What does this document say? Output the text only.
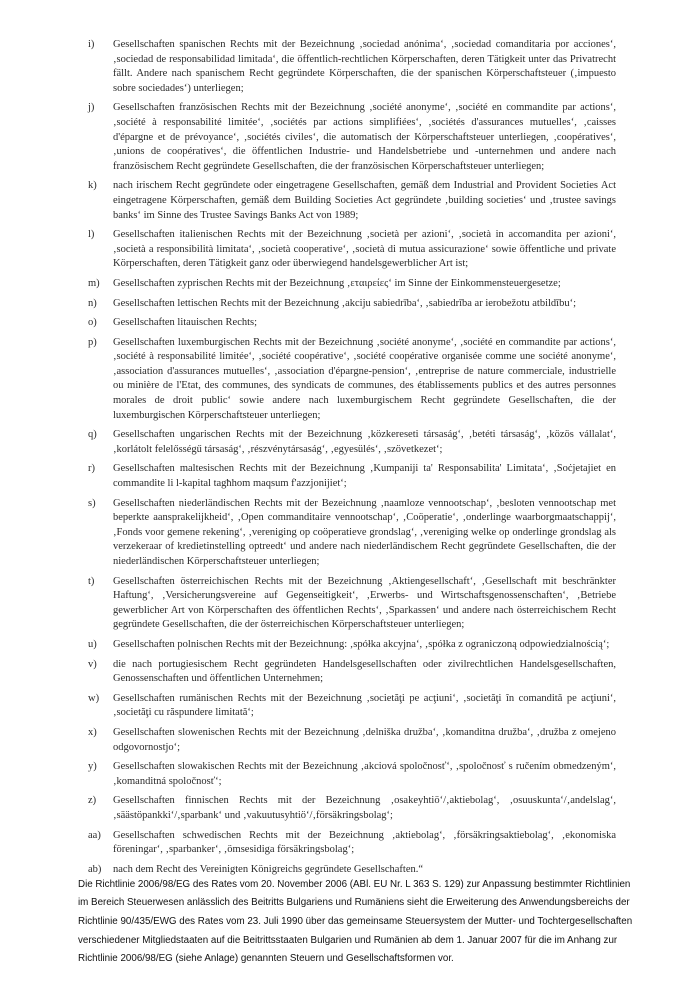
i)	Gesellschaften spanischen Rechts mit der Bezeichnung ‚sociedad anónima‘, ‚sociedad comanditaria por acciones‘, ‚sociedad de responsabilidad limitada‘, die öffentlich-rechtlichen Körperschaften, deren Tätigkeit unter das Privatrecht fällt. Andere nach spanischem Recht gegründete Körperschaften, die der spanischen Körperschaftsteuer (‚impuesto sobre sociedades‘) unterliegen;
j)	Gesellschaften französischen Rechts mit der Bezeichnung ‚société anonyme‘, ‚société en commandite par actions‘, ‚société à responsabilité limitée‘, ‚sociétés par actions simplifiées‘, ‚sociétés d'assurances mutuelles‘, ‚caisses d'épargne et de prévoyance‘, ‚sociétés civiles‘, die automatisch der Körperschaftsteuer unterliegen, ‚coopératives‘, ‚unions de coopératives‘, die öffentlichen Industrie- und Handelsbetriebe und -unternehmen und andere nach französischem Recht gegründete Gesellschaften, die der französischen Körperschaftsteuer unterliegen;
k)	nach irischem Recht gegründete oder eingetragene Gesellschaften, gemäß dem Industrial and Provident Societies Act eingetragene Körperschaften, gemäß dem Building Societies Act gegründete ‚building societies‘ und ‚trustee savings banks‘ im Sinne des Trustee Savings Banks Act von 1989;
l)	Gesellschaften italienischen Rechts mit der Bezeichnung ‚società per azioni‘, ‚società in accomandita per azioni‘, ‚società a responsibilità limitata‘, ‚società cooperative‘, ‚società di mutua assicurazione‘ sowie öffentliche und private Körperschaften, deren Tätigkeit ganz oder überwiegend handelsgewerblicher Art ist;
m)	Gesellschaften zyprischen Rechts mit der Bezeichnung ‚εταιρείες‘ im Sinne der Einkommensteuergesetze;
n)	Gesellschaften lettischen Rechts mit der Bezeichnung ‚akciju sabiedrība‘, ‚sabiedrība ar ierobežotu atbildību‘;
o)	Gesellschaften litauischen Rechts;
p)	Gesellschaften luxemburgischen Rechts mit der Bezeichnung ‚société anonyme‘, ‚société en commandite par actions‘, ‚société à responsabilité limitée‘, ‚société coopérative‘, ‚société coopérative organisée comme une société anonyme‘, ‚association d'assurances mutuelles‘, ‚association d'épargne-pension‘, ‚entreprise de nature commerciale, industrielle ou minière de l'Etat, des communes, des syndicats de communes, des établissements publics et des autres personnes morales de droit public‘ sowie andere nach luxemburgischem Recht gegründete Gesellschaften, die der luxemburgischen Körperschaftsteuer unterliegen;
q)	Gesellschaften ungarischen Rechts mit der Bezeichnung ‚közkereseti társaság‘, ‚betéti társaság‘, ‚közös vállalat‘, ‚korlátolt felelősségű társaság‘, ‚részvénytársaság‘, ‚egyesülés‘, ‚szövetkezet‘;
r)	Gesellschaften maltesischen Rechts mit der Bezeichnung ‚Kumpaniji ta' Responsabilita' Limitata‘, ‚Soċjetajiet en commandite li l-kapital tagħhom maqsum f'azzjonijiet‘;
s)	Gesellschaften niederländischen Rechts mit der Bezeichnung ‚naamloze vennootschap‘, ‚besloten vennootschap met beperkte aansprakelijkheid‘, ‚Open commanditaire vennootschap‘, ‚Coöperatie‘, ‚onderlinge waarborgmaatschappij‘, ‚Fonds voor gemene rekening‘, ‚vereniging op coöperatieve grondslag‘, ‚vereniging welke op onderlinge grondslag als verzekeraar of kredietinstelling optreedt‘ und andere nach niederländischem Recht gegründete Gesellschaften, die der niederländischen Körperschaftsteuer unterliegen;
t)	Gesellschaften österreichischen Rechts mit der Bezeichnung ‚Aktiengesellschaft‘, ‚Gesellschaft mit beschränkter Haftung‘, ‚Versicherungsvereine auf Gegenseitigkeit‘, ‚Erwerbs- und Wirtschaftsgenossenschaften‘, ‚Betriebe gewerblicher Art von Körperschaften des öffentlichen Rechts‘, ‚Sparkassen‘ und andere nach österreichischem Recht gegründete Gesellschaften, die der österreichischen Körperschaftsteuer unterliegen;
u)	Gesellschaften polnischen Rechts mit der Bezeichnung: ‚spółka akcyjna‘, ‚spółka z ograniczoną odpowiedzialnością‘;
v)	die nach portugiesischem Recht gegründeten Handelsgesellschaften oder zivilrechtlichen Handelsgesellschaften, Genossenschaften und öffentlichen Unternehmen;
w)	Gesellschaften rumänischen Rechts mit der Bezeichnung ‚societăţi pe acţiuni‘, ‚societăţi în comandită pe acţiuni‘, ‚societăţi cu răspundere limitată‘;
x)	Gesellschaften slowenischen Rechts mit der Bezeichnung ‚delniška družba‘, ‚komanditna družba‘, ‚družba z omejeno odgovornostjo‘;
y)	Gesellschaften slowakischen Rechts mit der Bezeichnung ‚akciová spoločnosť‘, ‚spoločnosť s ručením obmedzeným‘, ‚komanditná spoločnosť‘;
z)	Gesellschaften finnischen Rechts mit der Bezeichnung ‚osakeyhtiö‘/‚aktiebolag‘, ‚osuuskunta‘/‚andelslag‘, ‚säästöpankki‘/‚sparbank‘ und ‚vakuutusyhtiö‘/‚försäkringsbolag‘;
aa)	Gesellschaften schwedischen Rechts mit der Bezeichnung ‚aktiebolag‘, ‚försäkringsaktiebolag‘, ‚ekonomiska föreningar‘, ‚sparbanker‘, ‚ömsesidiga försäkringsbolag‘;
ab)	nach dem Recht des Vereinigten Königreichs gegründete Gesellschaften.“

Die Richtlinie 2006/98/EG des Rates vom 20. November 2006 (ABl. EU Nr. L 363 S. 129) zur Anpassung bestimmter Richtlinien im Bereich Steuerwesen anlässlich des Beitritts Bulgariens und Rumäniens sieht die Erweiterung des Anwendungsbereichs der Richtlinie 90/435/EWG des Rates vom 23. Juli 1990 über das gemeinsame Steuersystem der Mutter- und Tochtergesellschaften verschiedener Mitgliedstaaten auf die Beitrittsstaaten Bulgarien und Rumänien ab dem 1. Januar 2007 für die im Anhang zur Richtlinie 2006/98/EG (siehe Anlage) genannten Steuern und Gesellschaftsformen vor.
